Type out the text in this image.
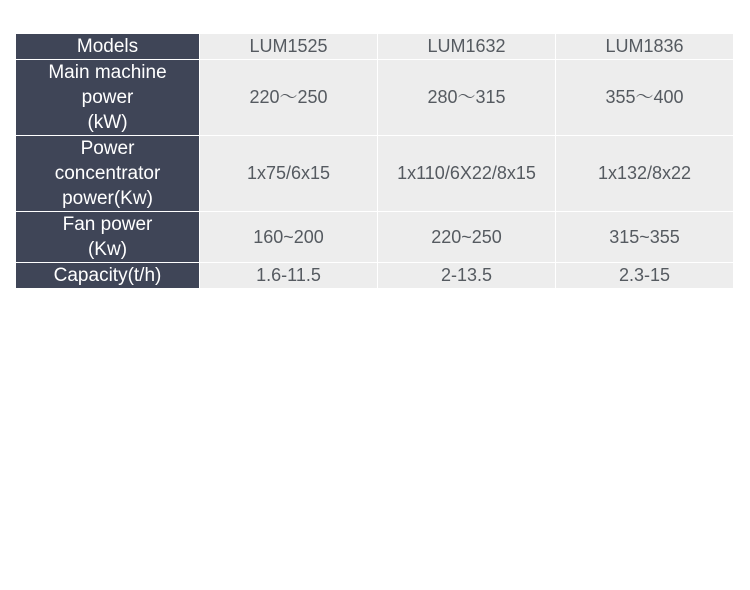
Models	LUM1525	LUM1632	LUM1836
Main machine
power
(kW)	220〜250	280〜315	355〜400
Power
concentrator
power(Kw)	1x75/6x15	1x110/6X22/8x15	1x132/8x22
Fan power
(Kw)	160~200	220~250	315~355
Capacity(t/h)	1.6-11.5	2-13.5	2.3-15
